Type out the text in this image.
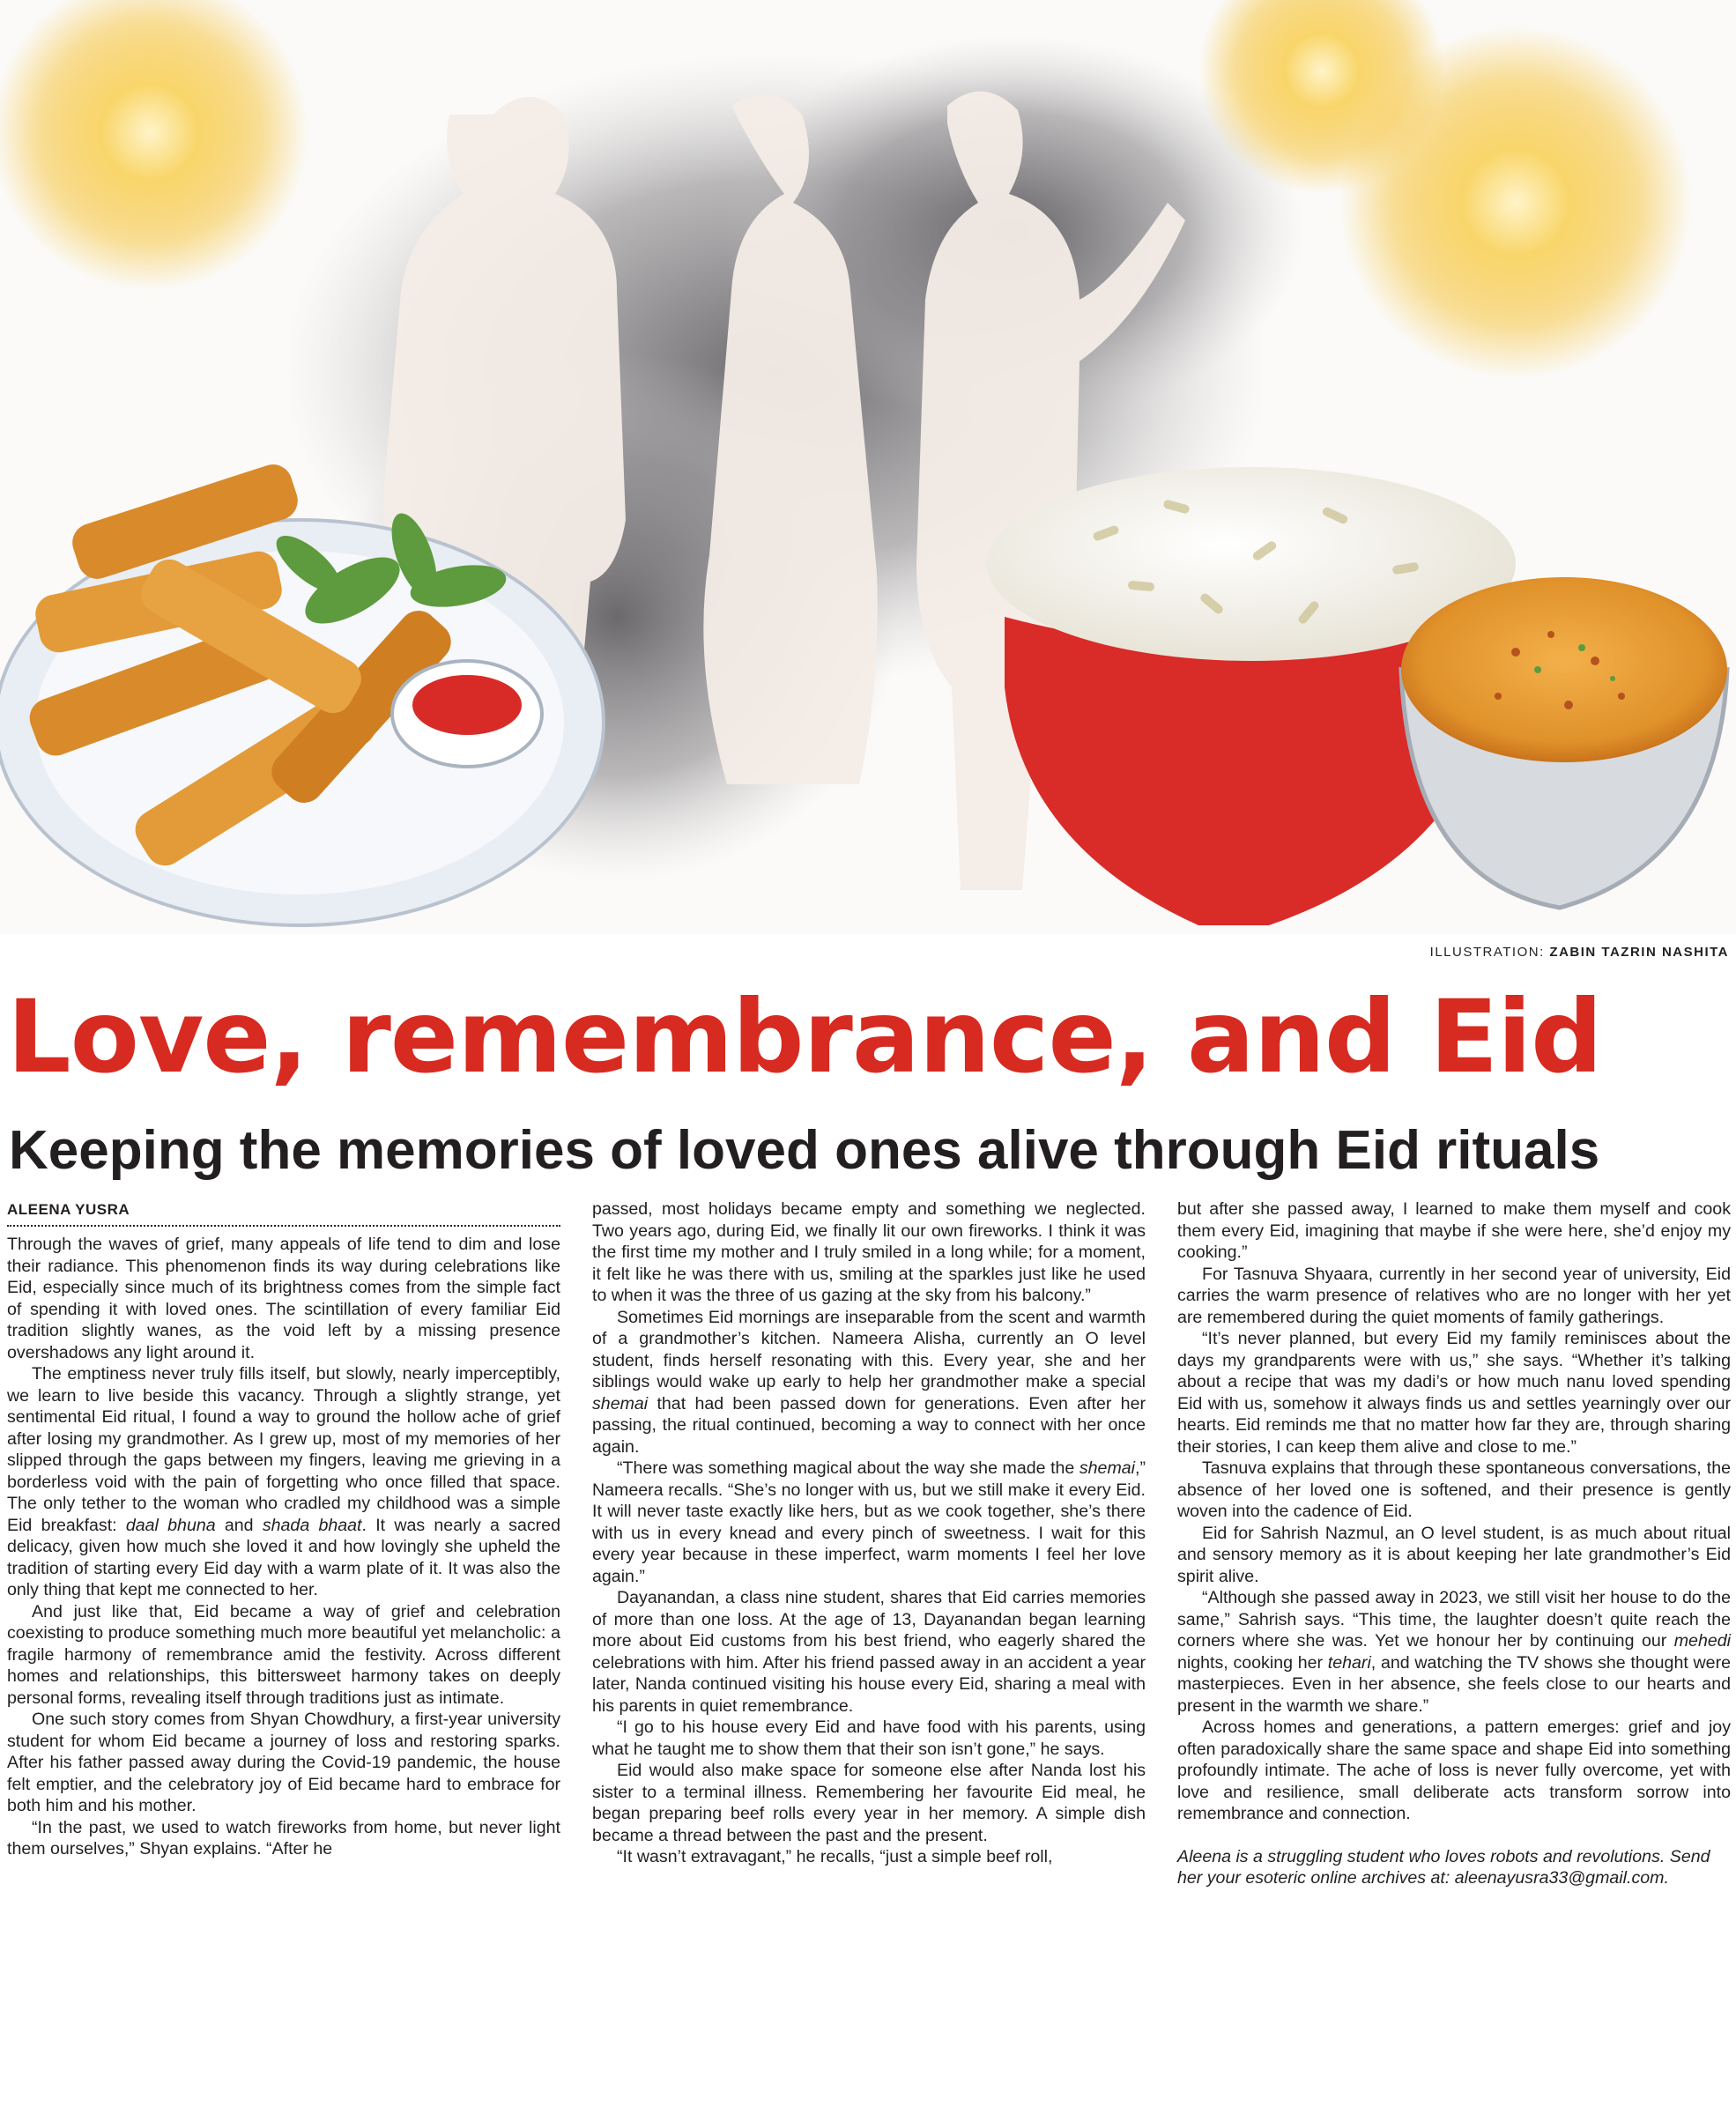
ILLUSTRATION: ZABIN TAZRIN NASHITA
Love, remembrance, and Eid
Keeping the memories of loved ones alive through Eid rituals
ALEENA YUSRA

Through the waves of grief, many appeals of life tend to dim and lose their radiance. This phenomenon finds its way during celebrations like Eid, especially since much of its brightness comes from the simple fact of spending it with loved ones. The scintillation of every familiar Eid tradition slightly wanes, as the void left by a missing presence overshadows any light around it.

The emptiness never truly fills itself, but slowly, nearly imperceptibly, we learn to live beside this vacancy. Through a slightly strange, yet sentimental Eid ritual, I found a way to ground the hollow ache of grief after losing my grandmother. As I grew up, most of my memories of her slipped through the gaps between my fingers, leaving me grieving in a borderless void with the pain of forgetting who once filled that space. The only tether to the woman who cradled my childhood was a simple Eid breakfast: daal bhuna and shada bhaat. It was nearly a sacred delicacy, given how much she loved it and how lovingly she upheld the tradition of starting every Eid day with a warm plate of it. It was also the only thing that kept me connected to her.

And just like that, Eid became a way of grief and celebration coexisting to produce something much more beautiful yet melancholic: a fragile harmony of remembrance amid the festivity. Across different homes and relationships, this bittersweet harmony takes on deeply personal forms, revealing itself through traditions just as intimate.

One such story comes from Shyan Chowdhury, a first-year university student for whom Eid became a journey of loss and restoring sparks. After his father passed away during the Covid-19 pandemic, the house felt emptier, and the celebratory joy of Eid became hard to embrace for both him and his mother.

“In the past, we used to watch fireworks from home, but never light them ourselves,” Shyan explains. “After he

passed, most holidays became empty and something we neglected. Two years ago, during Eid, we finally lit our own fireworks. I think it was the first time my mother and I truly smiled in a long while; for a moment, it felt like he was there with us, smiling at the sparkles just like he used to when it was the three of us gazing at the sky from his balcony.”

Sometimes Eid mornings are inseparable from the scent and warmth of a grandmother’s kitchen. Nameera Alisha, currently an O level student, finds herself resonating with this. Every year, she and her siblings would wake up early to help her grandmother make a special shemai that had been passed down for generations. Even after her passing, the ritual continued, becoming a way to connect with her once again.

“There was something magical about the way she made the shemai,” Nameera recalls. “She’s no longer with us, but we still make it every Eid. It will never taste exactly like hers, but as we cook together, she’s there with us in every knead and every pinch of sweetness. I wait for this every year because in these imperfect, warm moments I feel her love again.”

Dayanandan, a class nine student, shares that Eid carries memories of more than one loss. At the age of 13, Dayanandan began learning more about Eid customs from his best friend, who eagerly shared the celebrations with him. After his friend passed away in an accident a year later, Nanda continued visiting his house every Eid, sharing a meal with his parents in quiet remembrance.

“I go to his house every Eid and have food with his parents, using what he taught me to show them that their son isn’t gone,” he says.

Eid would also make space for someone else after Nanda lost his sister to a terminal illness. Remembering her favourite Eid meal, he began preparing beef rolls every year in her memory. A simple dish became a thread between the past and the present.

“It wasn’t extravagant,” he recalls, “just a simple beef roll,

but after she passed away, I learned to make them myself and cook them every Eid, imagining that maybe if she were here, she’d enjoy my cooking.”

For Tasnuva Shyaara, currently in her second year of university, Eid carries the warm presence of relatives who are no longer with her yet are remembered during the quiet moments of family gatherings.

“It’s never planned, but every Eid my family reminisces about the days my grandparents were with us,” she says. “Whether it’s talking about a recipe that was my dadi’s or how much nanu loved spending Eid with us, somehow it always finds us and settles yearningly over our hearts. Eid reminds me that no matter how far they are, through sharing their stories, I can keep them alive and close to me.”

Tasnuva explains that through these spontaneous conversations, the absence of her loved one is softened, and their presence is gently woven into the cadence of Eid.

Eid for Sahrish Nazmul, an O level student, is as much about ritual and sensory memory as it is about keeping her late grandmother’s Eid spirit alive.

“Although she passed away in 2023, we still visit her house to do the same,” Sahrish says. “This time, the laughter doesn’t quite reach the corners where she was. Yet we honour her by continuing our mehedi nights, cooking her tehari, and watching the TV shows she thought were masterpieces. Even in her absence, she feels close to our hearts and present in the warmth we share.”

Across homes and generations, a pattern emerges: grief and joy often paradoxically share the same space and shape Eid into something profoundly intimate. The ache of loss is never fully overcome, yet with love and resilience, small deliberate acts transform sorrow into remembrance and connection.

Aleena is a struggling student who loves robots and revolutions. Send her your esoteric online archives at: aleenayusra33@gmail.com.
